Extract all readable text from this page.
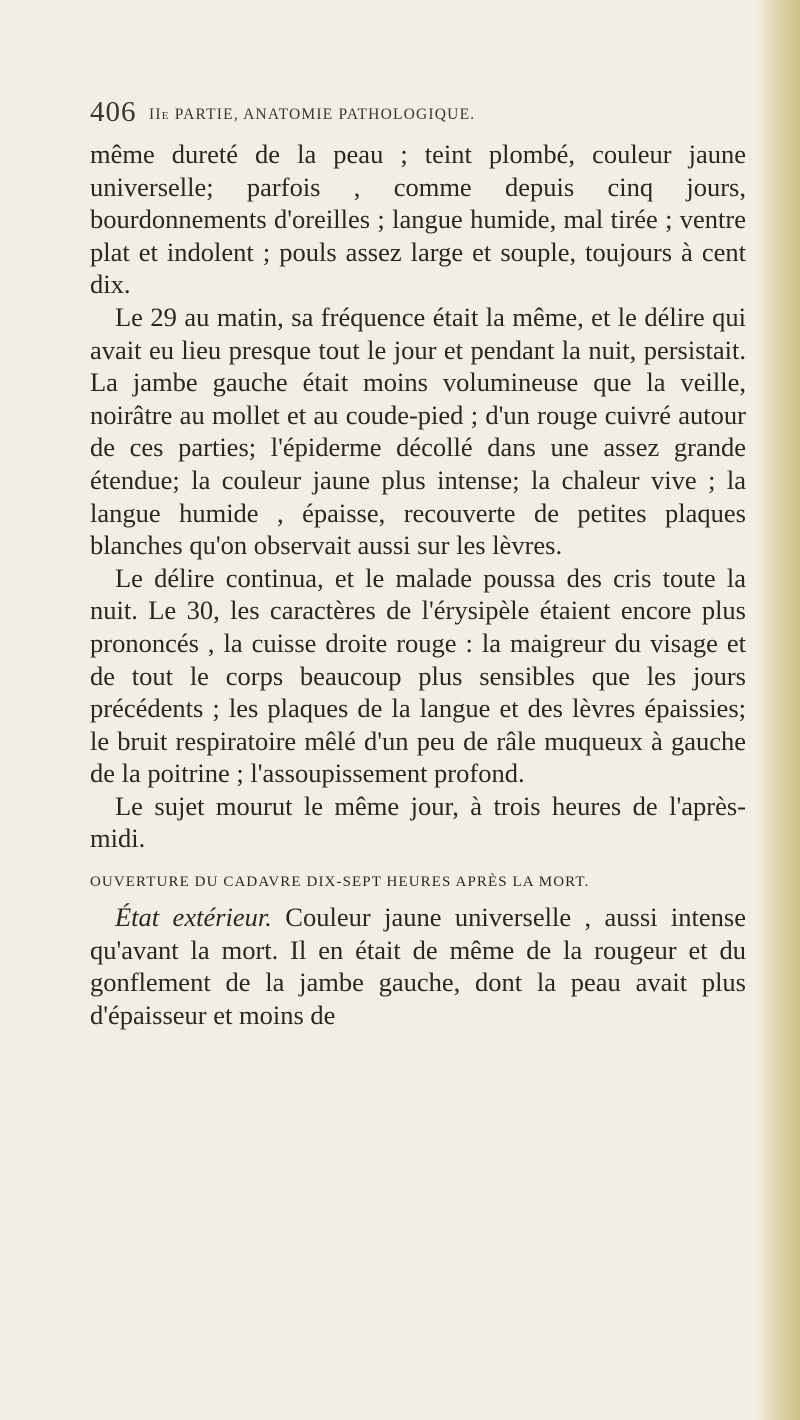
406 IIe PARTIE, ANATOMIE PATHOLOGIQUE.

même dureté de la peau ; teint plombé, couleur jaune universelle; parfois , comme depuis cinq jours, bourdonnements d'oreilles ; langue humide, mal tirée ; ventre plat et indolent ; pouls assez large et souple, toujours à cent dix.

Le 29 au matin, sa fréquence était la même, et le délire qui avait eu lieu presque tout le jour et pendant la nuit, persistait. La jambe gauche était moins volumineuse que la veille, noirâtre au mollet et au coude-pied ; d'un rouge cuivré autour de ces parties; l'épiderme décollé dans une assez grande étendue; la couleur jaune plus intense; la chaleur vive ; la langue humide , épaisse, recouverte de petites plaques blanches qu'on observait aussi sur les lèvres.

Le délire continua, et le malade poussa des cris toute la nuit. Le 30, les caractères de l'érysipèle étaient encore plus prononcés , la cuisse droite rouge : la maigreur du visage et de tout le corps beaucoup plus sensibles que les jours précédents ; les plaques de la langue et des lèvres épaissies; le bruit respiratoire mêlé d'un peu de râle muqueux à gauche de la poitrine ; l'assoupissement profond.

Le sujet mourut le même jour, à trois heures de l'après-midi.

OUVERTURE DU CADAVRE DIX-SEPT HEURES APRÈS LA MORT.

État extérieur. Couleur jaune universelle , aussi intense qu'avant la mort. Il en était de même de la rougeur et du gonflement de la jambe gauche, dont la peau avait plus d'épaisseur et moins de
